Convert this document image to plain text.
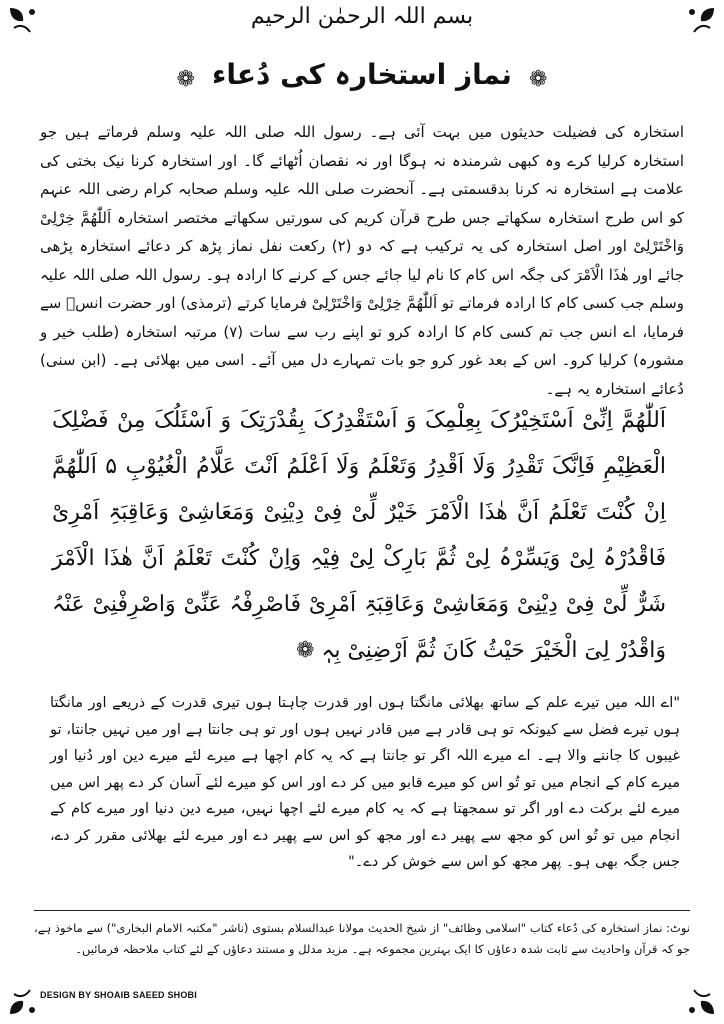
بسم اللہ الرحمٰن الرحیم
❁ نماز استخارہ کی دُعاء ❁

استخارہ کی فضیلت حدیثوں میں بہت آئی ہے۔ رسول اللہ صلی اللہ علیہ وسلم فرماتے ہیں جو استخارہ کرلیا کرے وہ کبھی شرمندہ نہ ہوگا اور نہ نقصان اُٹھائے گا۔ اور استخارہ کرنا نیک بختی کی علامت ہے استخارہ نہ کرنا بدقسمتی ہے۔ آنحضرت صلی اللہ علیہ وسلم صحابہ کرام رضی اللہ عنہم کو اس طرح استخارہ سکھاتے جس طرح قرآن کریم کی سورتیں سکھاتے مختصر استخارہ اَللّٰھُمَّ خِرْلِیْ وَاخْتَرْلِیْ اور اصل استخارہ کی یہ ترکیب ہے کہ دو (۲) رکعت نفل نماز پڑھ کر دعائے استخارہ پڑھی جائے اور ھٰذَا الْاَمْرَ کی جگہ اس کام کا نام لیا جائے جس کے کرنے کا ارادہ ہو۔ رسول اللہ صلی اللہ علیہ وسلم جب کسی کام کا ارادہ فرماتے تو اَللّٰھُمَّ خِرْلِیْ وَاخْتَرْلِیْ فرمایا کرتے (ترمذی) اور حضرت انسؓ سے فرمایا، اے انس جب تم کسی کام کا ارادہ کرو تو اپنے رب سے سات (۷) مرتبہ استخارہ (طلب خیر و مشورہ) کرلیا کرو۔ اس کے بعد غور کرو جو بات تمہارے دل میں آئے۔ اسی میں بھلائی ہے۔ (ابن سنی) دُعائے استخارہ یہ ہے۔

اَللّٰھُمَّ اِنِّیْ اَسْتَخِیْرُکَ بِعِلْمِکَ وَ اَسْتَقْدِرُکَ بِقُدْرَتِکَ وَ اَسْئَلُکَ مِنْ فَضْلِکَ الْعَظِیْمِ فَاِنَّکَ تَقْدِرُ وَلَا اَقْدِرُ وَتَعْلَمُ وَلَا اَعْلَمُ اَنْتَ عَلَّامُ الْغُیُوْبِ ۵ اَللّٰھُمَّ اِنْ کُنْتَ تَعْلَمُ اَنَّ ھٰذَا الْاَمْرَ خَیْرٌ لِّیْ فِیْ دِیْنِیْ وَمَعَاشِیْ وَعَاقِبَۃِ اَمْرِیْ فَاقْدُرْہُ لِیْ وَیَسِّرْہُ لِیْ ثُمَّ بَارِکْ لِیْ فِیْہِ وَاِنْ کُنْتَ تَعْلَمُ اَنَّ ھٰذَا الْاَمْرَ شَرٌّ لِّیْ فِیْ دِیْنِیْ وَمَعَاشِیْ وَعَاقِبَۃِ اَمْرِیْ فَاصْرِفْہُ عَنِّیْ وَاصْرِفْنِیْ عَنْہُ وَاقْدُرْ لِیَ الْخَیْرَ حَیْثُ کَانَ ثُمَّ اَرْضِنِیْ بِہٖ ❁

"اے اللہ میں تیرے علم کے ساتھ بھلائی مانگتا ہوں اور قدرت چاہتا ہوں تیری قدرت کے ذریعے اور مانگتا ہوں تیرے فضل سے کیونکہ تو ہی قادر ہے میں قادر نہیں ہوں اور تو ہی جانتا ہے اور میں نہیں جانتا، تو غیبوں کا جاننے والا ہے۔ اے میرے اللہ اگر تو جانتا ہے کہ یہ کام اچھا ہے میرے لئے میرے دین اور دُنیا اور میرے کام کے انجام میں تو تُو اس کو میرے قابو میں کر دے اور اس کو میرے لئے آسان کر دے پھر اس میں میرے لئے برکت دے اور اگر تو سمجھتا ہے کہ یہ کام میرے لئے اچھا نہیں، میرے دین دنیا اور میرے کام کے انجام میں تو تُو اس کو مجھ سے پھیر دے اور مجھ کو اس سے پھیر دے اور میرے لئے بھلائی مقرر کر دے، جس جگہ بھی ہو۔ پھر مجھ کو اس سے خوش کر دے۔"

نوٹ: نماز استخارہ کی دُعاء کتاب "اسلامی وظائف" از شیخ الحدیث مولانا عبدالسلام بستوی (ناشر "مکتبہ الامام البخاری") سے ماخوذ ہے، جو کہ قرآن واحادیث سے ثابت شدہ دعاؤں کا ایک بہترین مجموعہ ہے۔ مزید مدلل و مستند دعاؤں کے لئے کتاب ملاحظہ فرمائیں۔

DESIGN BY SHOAIB SAEED SHOBI
